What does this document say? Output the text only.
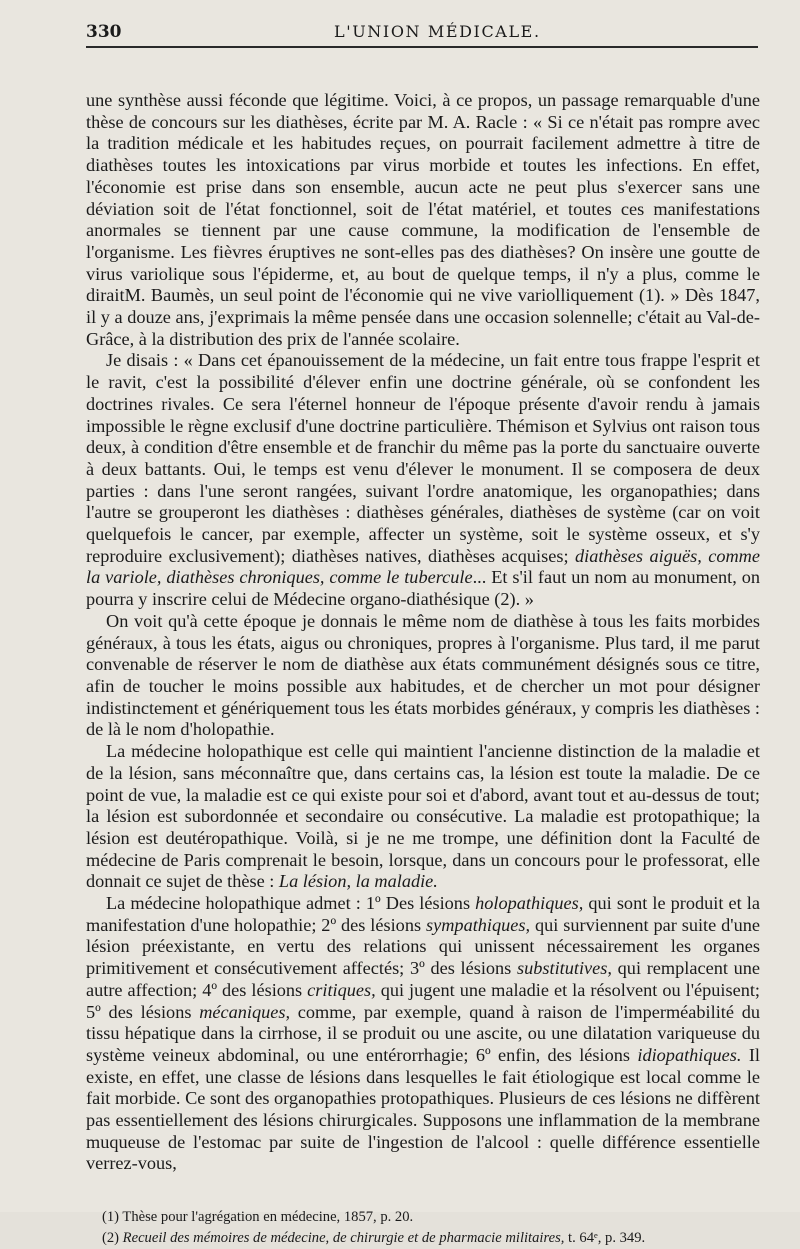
330	L'UNION MÉDICALE.

une synthèse aussi féconde que légitime. Voici, à ce propos, un passage remarquable d'une thèse de concours sur les diathèses, écrite par M. A. Racle : « Si ce n'était pas rompre avec la tradition médicale et les habitudes reçues, on pourrait facilement admettre à titre de diathèses toutes les intoxications par virus morbide et toutes les infections. En effet, l'économie est prise dans son ensemble, aucun acte ne peut plus s'exercer sans une déviation soit de l'état fonctionnel, soit de l'état matériel, et toutes ces manifestations anormales se tiennent par une cause commune, la modification de l'ensemble de l'organisme. Les fièvres éruptives ne sont-elles pas des diathèses? On insère une goutte de virus variolique sous l'épiderme, et, au bout de quelque temps, il n'y a plus, comme le diraitM. Baumès, un seul point de l'économie qui ne vive variolliquement (1). » Dès 1847, il y a douze ans, j'exprimais la même pensée dans une occasion solennelle; c'était au Val-de-Grâce, à la distribution des prix de l'année scolaire.

Je disais : « Dans cet épanouissement de la médecine, un fait entre tous frappe l'esprit et le ravit, c'est la possibilité d'élever enfin une doctrine générale, où se confondent les doctrines rivales. Ce sera l'éternel honneur de l'époque présente d'avoir rendu à jamais impossible le règne exclusif d'une doctrine particulière. Thémison et Sylvius ont raison tous deux, à condition d'être ensemble et de franchir du même pas la porte du sanctuaire ouverte à deux battants. Oui, le temps est venu d'élever le monument. Il se composera de deux parties : dans l'une seront rangées, suivant l'ordre anatomique, les organopathies; dans l'autre se grouperont les diathèses : diathèses générales, diathèses de système (car on voit quelquefois le cancer, par exemple, affecter un système, soit le système osseux, et s'y reproduire exclusivement); diathèses natives, diathèses acquises; diathèses aiguës, comme la variole, diathèses chroniques, comme le tubercule... Et s'il faut un nom au monument, on pourra y inscrire celui de Médecine organo-diathésique (2). »

On voit qu'à cette époque je donnais le même nom de diathèse à tous les faits morbides généraux, à tous les états, aigus ou chroniques, propres à l'organisme. Plus tard, il me parut convenable de réserver le nom de diathèse aux états communément désignés sous ce titre, afin de toucher le moins possible aux habitudes, et de chercher un mot pour désigner indistinctement et génériquement tous les états morbides généraux, y compris les diathèses : de là le nom d'holopathie.

La médecine holopathique est celle qui maintient l'ancienne distinction de la maladie et de la lésion, sans méconnaître que, dans certains cas, la lésion est toute la maladie. De ce point de vue, la maladie est ce qui existe pour soi et d'abord, avant tout et au-dessus de tout; la lésion est subordonnée et secondaire ou consécutive. La maladie est protopathique; la lésion est deutéropathique. Voilà, si je ne me trompe, une définition dont la Faculté de médecine de Paris comprenait le besoin, lorsque, dans un concours pour le professorat, elle donnait ce sujet de thèse : La lésion, la maladie.

La médecine holopathique admet : 1º Des lésions holopathiques, qui sont le produit et la manifestation d'une holopathie; 2º des lésions sympathiques, qui surviennent par suite d'une lésion préexistante, en vertu des relations qui unissent nécessairement les organes primitivement et consécutivement affectés; 3º des lésions substitutives, qui remplacent une autre affection; 4º des lésions critiques, qui jugent une maladie et la résolvent ou l'épuisent; 5º des lésions mécaniques, comme, par exemple, quand à raison de l'imperméabilité du tissu hépatique dans la cirrhose, il se produit ou une ascite, ou une dilatation variqueuse du système veineux abdominal, ou une entérorrhagie; 6º enfin, des lésions idiopathiques. Il existe, en effet, une classe de lésions dans lesquelles le fait étiologique est local comme le fait morbide. Ce sont des organopathies protopathiques. Plusieurs de ces lésions ne diffèrent pas essentiellement des lésions chirurgicales. Supposons une inflammation de la membrane muqueuse de l'estomac par suite de l'ingestion de l'alcool : quelle différence essentielle verrez-vous,

(1) Thèse pour l'agrégation en médecine, 1857, p. 20.
(2) Recueil des mémoires de médecine, de chirurgie et de pharmacie militaires, t. 64ᵉ, p. 349.
